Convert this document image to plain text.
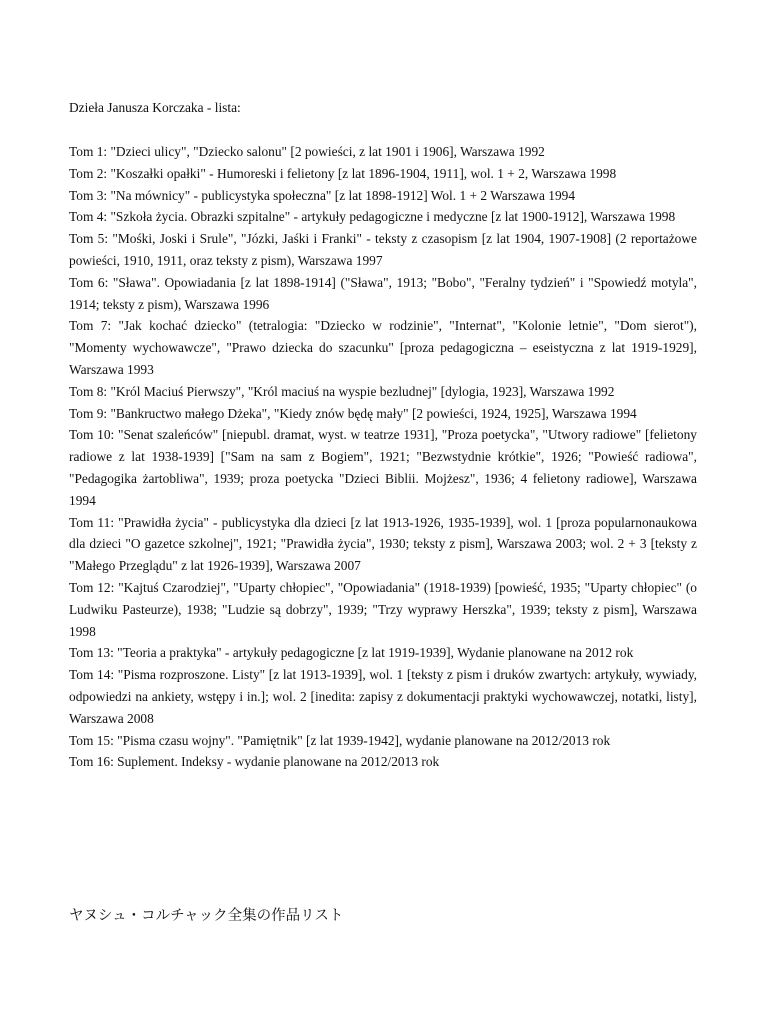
Dzieła Janusza Korczaka - lista:

Tom 1: "Dzieci ulicy", "Dziecko salonu" [2 powieści, z lat 1901 i 1906], Warszawa 1992

Tom 2: "Koszałki opałki" - Humoreski i felietony [z lat 1896-1904, 1911], wol. 1 + 2, Warszawa 1998

Tom 3: "Na mównicy" - publicystyka społeczna" [z lat 1898-1912] Wol. 1 + 2 Warszawa 1994

Tom 4: "Szkoła życia. Obrazki szpitalne" - artykuły pedagogiczne i medyczne [z lat 1900-1912], Warszawa 1998

Tom 5: "Mośki, Joski i Srule", "Józki, Jaśki i Franki" - teksty z czasopism [z lat 1904, 1907-1908] (2 reportażowe powieści, 1910, 1911, oraz teksty z pism), Warszawa 1997

Tom 6: "Sława". Opowiadania [z lat 1898-1914] ("Sława", 1913; "Bobo", "Feralny tydzień" i "Spowiedź motyla", 1914; teksty z pism), Warszawa 1996

Tom 7: "Jak kochać dziecko" (tetralogia: "Dziecko w rodzinie", "Internat", "Kolonie letnie", "Dom sierot"), "Momenty wychowawcze", "Prawo dziecka do szacunku" [proza pedagogiczna – eseistyczna z lat 1919-1929], Warszawa 1993

Tom 8: "Król Maciuś Pierwszy", "Król maciuś na wyspie bezludnej" [dylogia, 1923], Warszawa 1992

Tom 9: "Bankructwo małego Dżeka", "Kiedy znów będę mały" [2 powieści, 1924, 1925], Warszawa 1994

Tom 10: "Senat szaleńców" [niepubl. dramat, wyst. w teatrze 1931], "Proza poetycka", "Utwory radiowe" [felietony radiowe z lat 1938-1939] ["Sam na sam z Bogiem", 1921; "Bezwstydnie krótkie", 1926; "Powieść radiowa", "Pedagogika żartobliwa", 1939; proza poetycka "Dzieci Biblii. Mojżesz", 1936; 4 felietony radiowe], Warszawa 1994

Tom 11: "Prawidła życia" - publicystyka dla dzieci [z lat 1913-1926, 1935-1939], wol. 1 [proza popularnonaukowa dla dzieci "O gazetce szkolnej", 1921; "Prawidła życia", 1930; teksty z pism], Warszawa 2003; wol. 2 + 3 [teksty z "Małego Przeglądu" z lat 1926-1939], Warszawa 2007

Tom 12: "Kajtuś Czarodziej", "Uparty chłopiec", "Opowiadania" (1918-1939) [powieść, 1935; "Uparty chłopiec" (o Ludwiku Pasteurze), 1938; "Ludzie są dobrzy", 1939; "Trzy wyprawy Herszka", 1939; teksty z pism], Warszawa 1998

Tom 13: "Teoria a praktyka" - artykuły pedagogiczne [z lat 1919-1939], Wydanie planowane na 2012 rok

Tom 14: "Pisma rozproszone. Listy" [z lat 1913-1939], wol. 1 [teksty z pism i druków zwartych: artykuły, wywiady, odpowiedzi na ankiety, wstępy i in.]; wol. 2 [inedita: zapisy z dokumentacji praktyki wychowawczej, notatki, listy], Warszawa 2008

Tom 15: "Pisma czasu wojny". "Pamiętnik" [z lat 1939-1942], wydanie planowane na 2012/2013 rok

Tom 16: Suplement. Indeksy - wydanie planowane na 2012/2013 rok

ヤヌシュ・コルチャック全集の作品リスト
